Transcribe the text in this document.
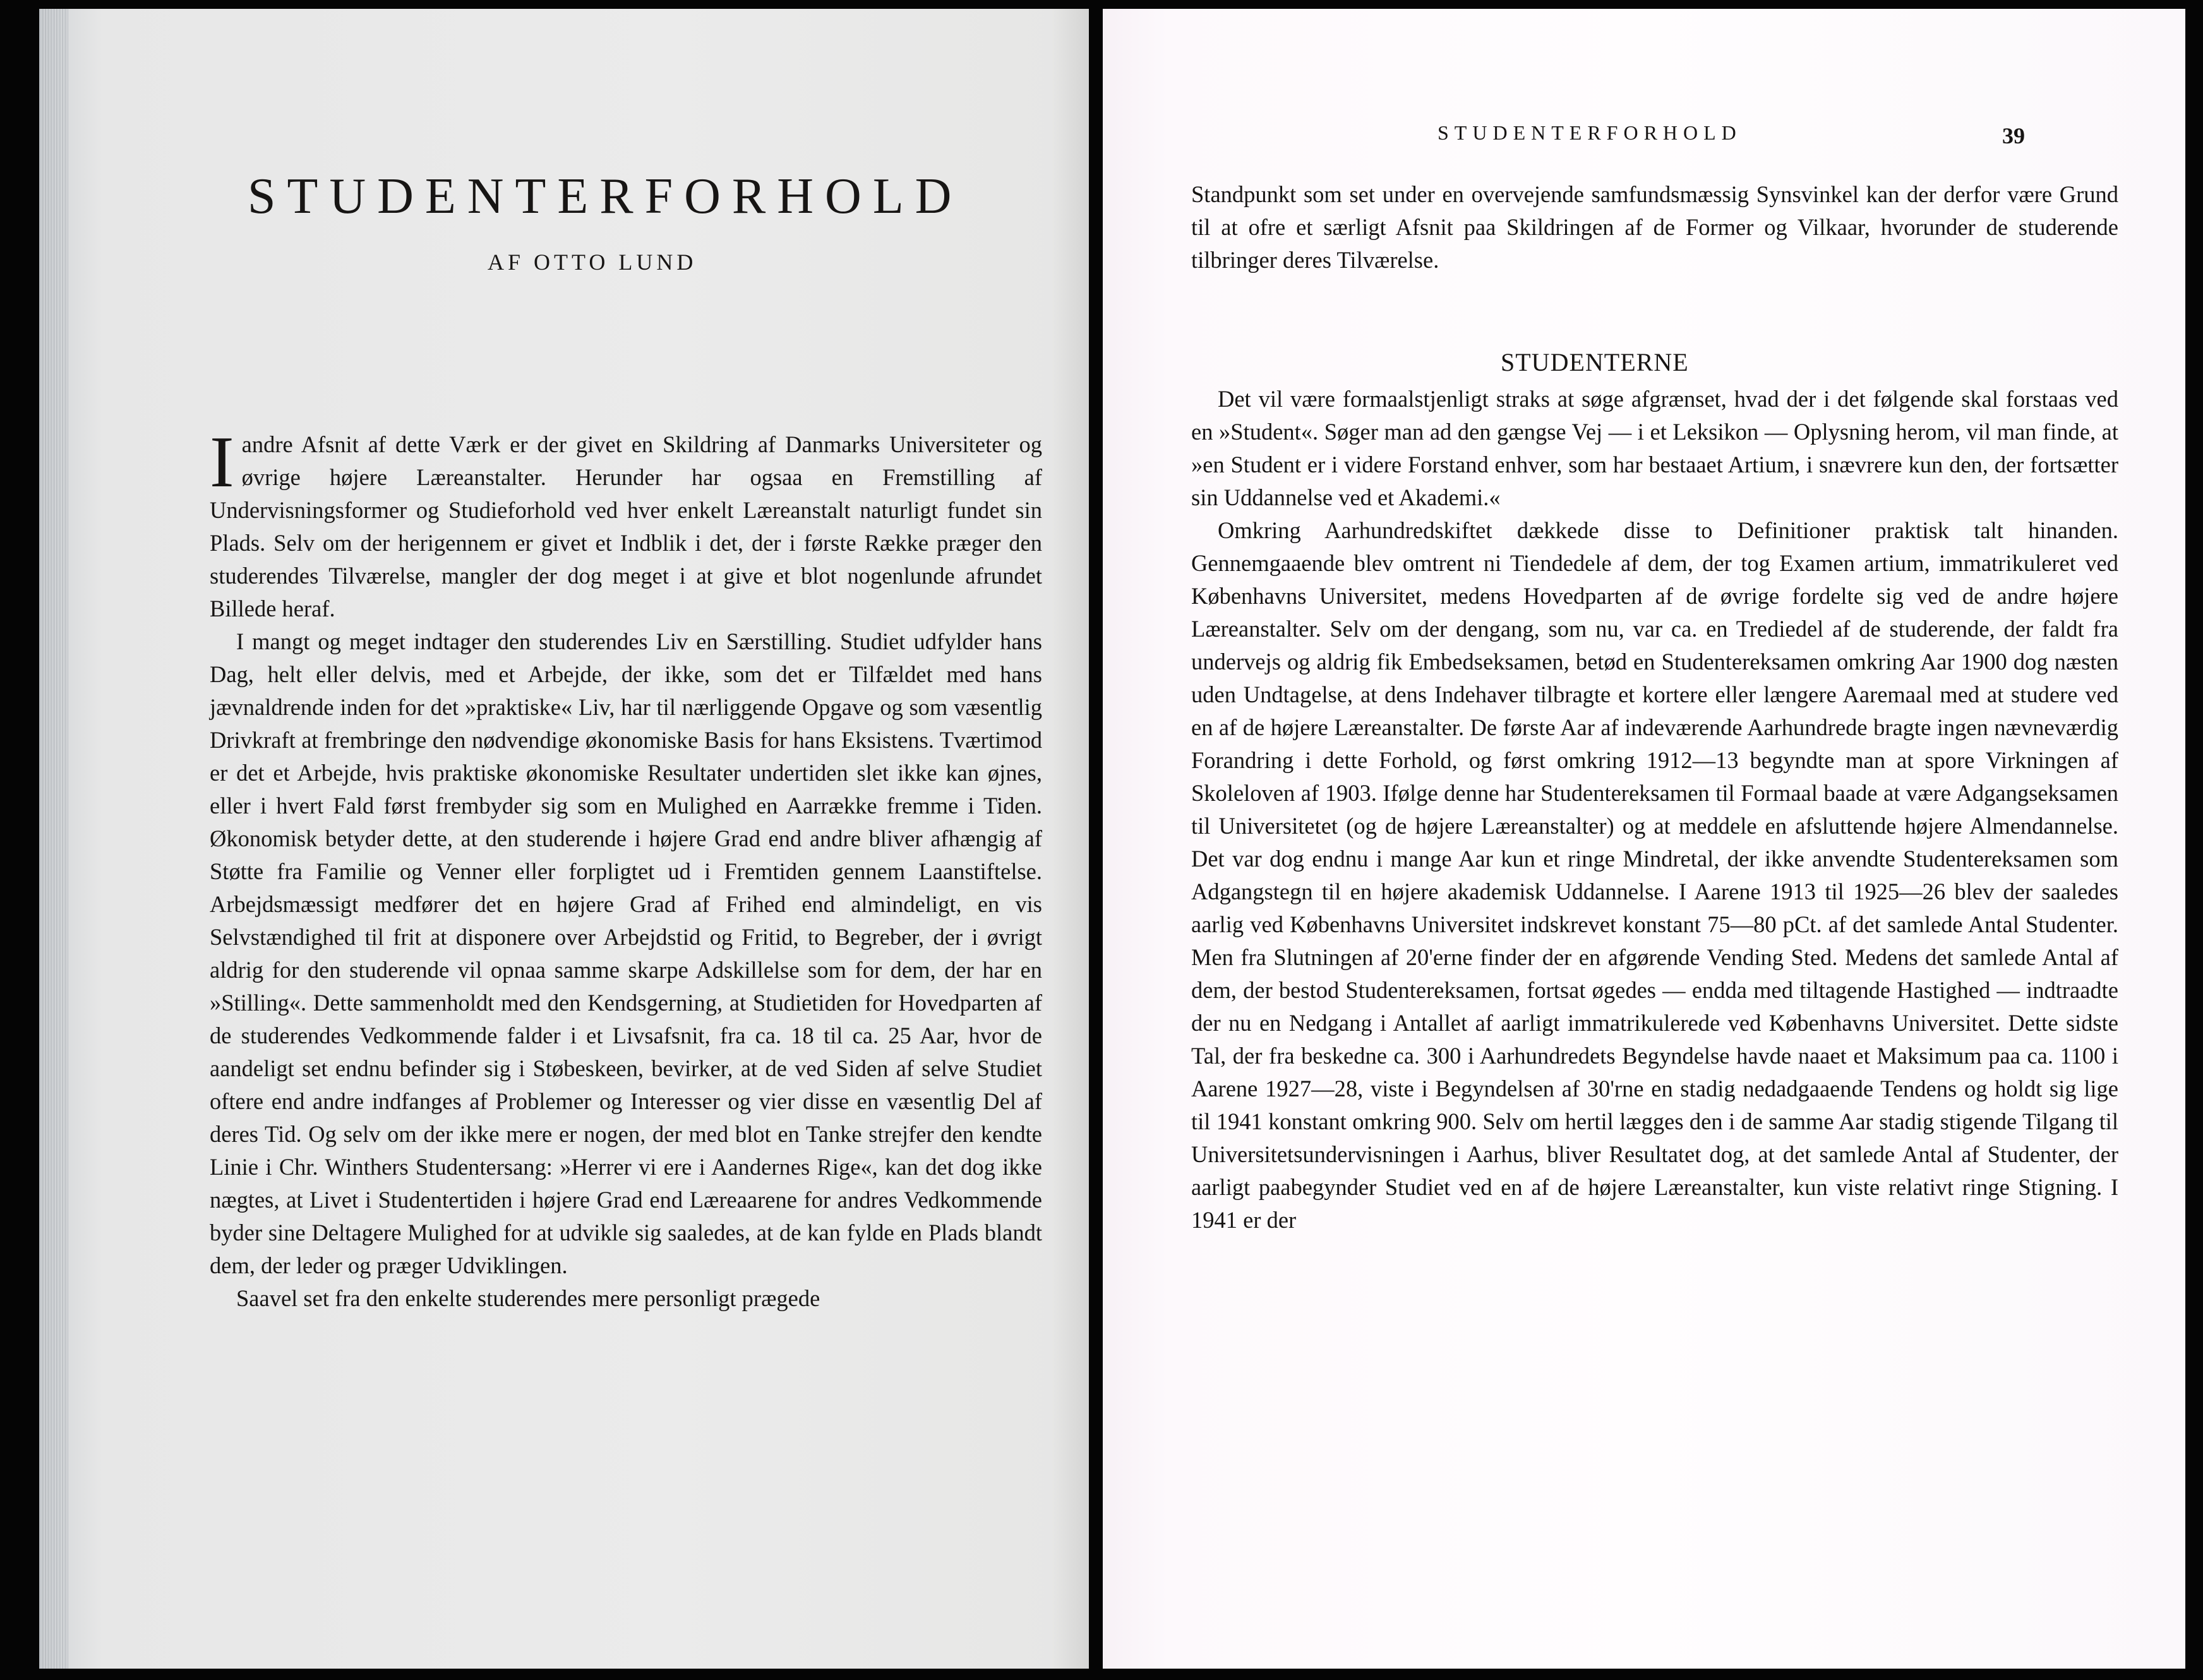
STUDENTERFORHOLD

AF OTTO LUND

Iandre Afsnit af dette Værk er der givet en Skildring af Danmarks Universiteter og øvrige højere Læreanstalter. Herunder har ogsaa en Fremstilling af Undervisningsformer og Studieforhold ved hver enkelt Læreanstalt naturligt fundet sin Plads. Selv om der herigennem er givet et Indblik i det, der i første Række præger den studerendes Tilværelse, mangler der dog meget i at give et blot nogenlunde afrundet Billede heraf.

I mangt og meget indtager den studerendes Liv en Særstilling. Studiet udfylder hans Dag, helt eller delvis, med et Arbejde, der ikke, som det er Tilfældet med hans jævnaldrende inden for det »praktiske« Liv, har til nærliggende Opgave og som væsentlig Drivkraft at frembringe den nødvendige økonomiske Basis for hans Eksistens. Tværtimod er det et Arbejde, hvis praktiske økonomiske Resultater undertiden slet ikke kan øjnes, eller i hvert Fald først frembyder sig som en Mulighed en Aarrække fremme i Tiden. Økonomisk betyder dette, at den studerende i højere Grad end andre bliver afhængig af Støtte fra Familie og Venner eller forpligtet ud i Fremtiden gennem Laanstiftelse. Arbejdsmæssigt medfører det en højere Grad af Frihed end almindeligt, en vis Selvstændighed til frit at disponere over Arbejdstid og Fritid, to Begreber, der i øvrigt aldrig for den studerende vil opnaa samme skarpe Adskillelse som for dem, der har en »Stilling«. Dette sammenholdt med den Kendsgerning, at Studietiden for Hovedparten af de studerendes Vedkommende falder i et Livsafsnit, fra ca. 18 til ca. 25 Aar, hvor de aandeligt set endnu befinder sig i Støbeskeen, bevirker, at de ved Siden af selve Studiet oftere end andre indfanges af Problemer og Interesser og vier disse en væsentlig Del af deres Tid. Og selv om der ikke mere er nogen, der med blot en Tanke strejfer den kendte Linie i Chr. Winthers Studentersang: »Herrer vi ere i Aandernes Rige«, kan det dog ikke nægtes, at Livet i Studentertiden i højere Grad end Læreaarene for andres Vedkommende byder sine Deltagere Mulighed for at udvikle sig saaledes, at de kan fylde en Plads blandt dem, der leder og præger Udviklingen.

Saavel set fra den enkelte studerendes mere personligt prægede

STUDENTERFORHOLD	39

Standpunkt som set under en overvejende samfundsmæssig Synsvinkel kan der derfor være Grund til at ofre et særligt Afsnit paa Skildringen af de Former og Vilkaar, hvorunder de studerende tilbringer deres Tilværelse.

STUDENTERNE

Det vil være formaalstjenligt straks at søge afgrænset, hvad der i det følgende skal forstaas ved en »Student«. Søger man ad den gængse Vej — i et Leksikon — Oplysning herom, vil man finde, at »en Student er i videre Forstand enhver, som har bestaaet Artium, i snævrere kun den, der fortsætter sin Uddannelse ved et Akademi.«

Omkring Aarhundredskiftet dækkede disse to Definitioner praktisk talt hinanden. Gennemgaaende blev omtrent ni Tiendedele af dem, der tog Examen artium, immatrikuleret ved Københavns Universitet, medens Hovedparten af de øvrige fordelte sig ved de andre højere Læreanstalter. Selv om der dengang, som nu, var ca. en Trediedel af de studerende, der faldt fra undervejs og aldrig fik Embedseksamen, betød en Studentereksamen omkring Aar 1900 dog næsten uden Undtagelse, at dens Indehaver tilbragte et kortere eller længere Aaremaal med at studere ved en af de højere Læreanstalter. De første Aar af indeværende Aarhundrede bragte ingen nævneværdig Forandring i dette Forhold, og først omkring 1912—13 begyndte man at spore Virkningen af Skoleloven af 1903. Ifølge denne har Studentereksamen til Formaal baade at være Adgangseksamen til Universitetet (og de højere Læreanstalter) og at meddele en afsluttende højere Almendannelse. Det var dog endnu i mange Aar kun et ringe Mindretal, der ikke anvendte Studentereksamen som Adgangstegn til en højere akademisk Uddannelse. I Aarene 1913 til 1925—26 blev der saaledes aarlig ved Københavns Universitet indskrevet konstant 75—80 pCt. af det samlede Antal Studenter. Men fra Slutningen af 20'erne finder der en afgørende Vending Sted. Medens det samlede Antal af dem, der bestod Studentereksamen, fortsat øgedes — endda med tiltagende Hastighed — indtraadte der nu en Nedgang i Antallet af aarligt immatrikulerede ved Københavns Universitet. Dette sidste Tal, der fra beskedne ca. 300 i Aarhundredets Begyndelse havde naaet et Maksimum paa ca. 1100 i Aarene 1927—28, viste i Begyndelsen af 30'rne en stadig nedadgaaende Tendens og holdt sig lige til 1941 konstant omkring 900. Selv om hertil lægges den i de samme Aar stadig stigende Tilgang til Universitetsundervisningen i Aarhus, bliver Resultatet dog, at det samlede Antal af Studenter, der aarligt paabegynder Studiet ved en af de højere Læreanstalter, kun viste relativt ringe Stigning. I 1941 er der
